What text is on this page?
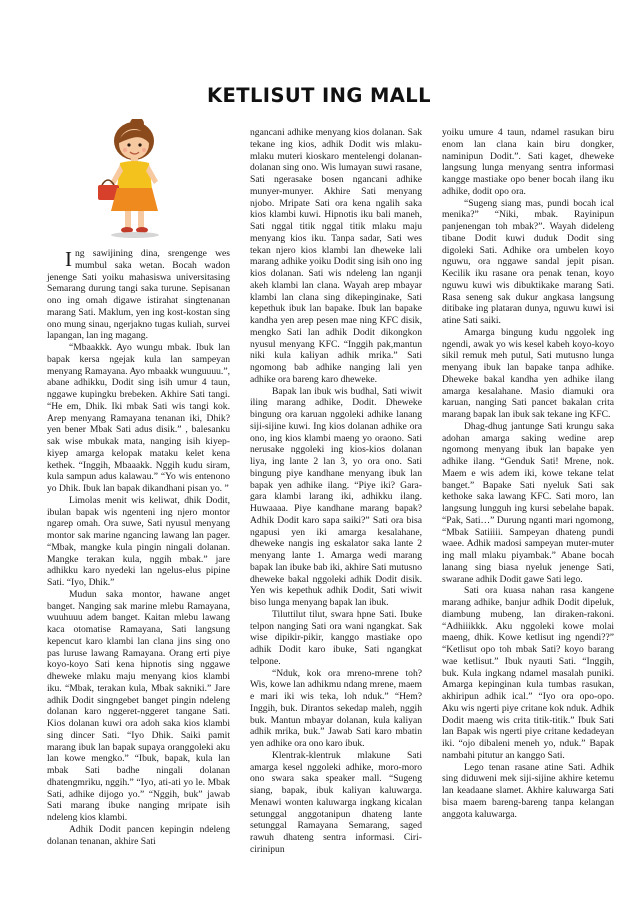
KETLISUT ING MALL

Ing sawijining dina, srengenge wes mumbul saka wetan. Bocah wadon jenenge Sati yoiku mahasiswa universitasing Semarang durung tangi saka turune. Sepisanan ono ing omah digawe istirahat singtenanan marang Sati. Maklum, yen ing kost-kostan sing ono mung sinau, ngerjakno tugas kuliah, survei lapangan, lan ing magang.

“Mbaakkk. Ayo wungu mbak. Ibuk lan bapak kersa ngejak kula lan sampeyan menyang Ramayana. Ayo mbaakk wunguuuu.”, abane adhikku, Dodit sing isih umur 4 taun, nggawe kupingku brebeken. Akhire Sati tangi. “He em, Dhik. Iki mbak Sati wis tangi kok. Arep menyang Ramayana tenanan iki, Dhik? yen bener Mbak Sati adus disik.” , balesanku sak wise mbukak mata, nanging isih kiyep-kiyep amarga kelopak mataku kelet kena kethek. “Inggih, Mbaaakk. Nggih kudu siram, kula sampun adus kalawau.” “Yo wis entenono yo Dhik. Ibuk lan bapak dikandhani pisan yo. ”

Limolas menit wis keliwat, dhik Dodit, ibulan bapak wis ngenteni ing njero montor ngarep omah. Ora suwe, Sati nyusul menyang montor sak marine ngancing lawang lan pager. “Mbak, mangke kula pingin ningali dolanan. Mangke terakan kula, nggih mbak.” jare adhikku karo nyedeki lan ngelus-elus pipine Sati. “Iyo, Dhik.”

Mudun saka montor, hawane anget banget. Nanging sak marine mlebu Ramayana, wuuhuuu adem banget. Kaitan mlebu lawang kaca otomatise Ramayana, Sati langsung kepencut karo klambi lan clana jins sing ono pas luruse lawang Ramayana. Orang erti piye koyo-koyo Sati kena hipnotis sing nggawe dheweke mlaku maju menyang kios klambi iku. “Mbak, terakan kula, Mbak sakniki.” Jare adhik Dodit singngebet banget pingin ndeleng dolanan karo nggeret-nggeret tangane Sati. Kios dolanan kuwi ora adoh saka kios klambi sing dincer Sati. “Iyo Dhik. Saiki pamit marang ibuk lan bapak supaya oranggoleki aku lan kowe mengko.” “Ibuk, bapak, kula lan mbak Sati badhe ningali dolanan dhatengmriku, nggih.” “Iyo, ati-ati yo le. Mbak Sati, adhike dijogo yo.” “Nggih, buk” jawab Sati marang ibuke nanging mripate isih ndeleng kios klambi.

Adhik Dodit pancen kepingin ndeleng dolanan tenanan, akhire Sati

ngancani adhike menyang kios dolanan. Sak tekane ing kios, adhik Dodit wis mlaku-mlaku muteri kioskaro mentelengi dolanan-dolanan sing ono. Wis lumayan suwi rasane, Sati ngerasake bosen ngancani adhike munyer-munyer. Akhire Sati menyang njobo. Mripate Sati ora kena ngalih saka kios klambi kuwi. Hipnotis iku bali maneh, Sati nggal titik nggal titik mlaku maju menyang kios iku. Tanpa sadar, Sati wes tekan njero kios klambi lan dheweke lali marang adhike yoiku Dodit sing isih ono ing kios dolanan. Sati wis ndeleng lan nganji akeh klambi lan clana. Wayah arep mbayar klambi lan clana sing dikepinginake, Sati kepethuk ibuk lan bapake. Ibuk lan bapake kandha yen arep pesen mae ning KFC disik, mengko Sati lan adhik Dodit dikongkon nyusul menyang KFC. “Inggih pak,mantun niki kula kaliyan adhik mrika.” Sati ngomong bab adhike nanging lali yen adhike ora bareng karo dheweke.

Bapak lan ibuk wis budhal, Sati wiwit iling marang adhike, Dodit. Dheweke bingung ora karuan nggoleki adhike lanang siji-sijine kuwi. Ing kios dolanan adhike ora ono, ing kios klambi maeng yo oraono. Sati nerusake nggoleki ing kios-kios dolanan liya, ing lante 2 lan 3, yo ora ono. Sati bingung piye kandhane menyang ibuk lan bapak yen adhike ilang. “Piye iki? Gara-gara klambi larang iki, adhikku ilang. Huwaaaa. Piye kandhane marang bapak?Adhik Dodit karo sapa saiki?” Sati ora bisa ngapusi yen iki amarga kesalahane, dheweke nangis ing eskalator saka lante 2 menyang lante 1. Amarga wedi marang bapak lan ibuke bab iki, akhire Sati mutusno dheweke bakal nggoleki adhik Dodit disik. Yen wis kepethuk adhik Dodit, Sati wiwit biso lunga menyang bapak lan ibuk.

Tiluttilut tilut, swara hpne Sati. Ibuke telpon nanging Sati ora wani ngangkat. Sak wise dipikir-pikir, kanggo mastiake opo adhik Dodit karo ibuke, Sati ngangkat telpone.

“Nduk, kok ora mreno-mrene toh? Wis, kowe lan adhikmu ndang mrene, maem e mari iki wis teka, loh nduk.” “Hem? Inggih, buk. Dirantos sekedap maleh, nggih buk. Mantun mbayar dolanan, kula kaliyan adhik mrika, buk.” Jawab Sati karo mbatin yen adhike ora ono karo ibuk.

Klentrak-klentruk mlakune Sati amarga kesel nggoleki adhike, moro-moro ono swara saka speaker mall. “Sugeng siang, bapak, ibuk kaliyan kaluwarga. Menawi wonten kaluwarga ingkang kicalan setunggal anggotanipun dhateng lante setunggal Ramayana Semarang, saged rawuh dhateng sentra informasi. Ciri-cirinipun

yoiku umure 4 taun, ndamel rasukan biru enom lan clana kain biru dongker, naminipun Dodit.”. Sati kaget, dheweke langsung lunga menyang sentra informasi kangge mastiake opo bener bocah ilang iku adhike, dodit opo ora.

“Sugeng siang mas, pundi bocah ical menika?” “Niki, mbak. Rayinipun panjenengan toh mbak?”. Wayah dideleng tibane Dodit kuwi duduk Dodit sing digoleki Sati. Adhike ora umbelen koyo nguwu, ora nggawe sandal jepit pisan. Kecilik iku rasane ora penak tenan, koyo nguwu kuwi wis dibuktikake marang Sati. Rasa seneng sak dukur angkasa langsung ditibake ing plataran dunya, nguwu kuwi isi atine Sati saiki.

Amarga bingung kudu nggolek ing ngendi, awak yo wis kesel kabeh koyo-koyo sikil remuk meh putul, Sati mutusno lunga menyang ibuk lan bapake tanpa adhike. Dheweke bakal kandha yen adhike ilang amarga kesalahane. Masio diamuki ora karuan, nanging Sati pancet bakalan crita marang bapak lan ibuk sak tekane ing KFC.

Dhag-dhug jantunge Sati krungu saka adohan amarga saking wedine arep ngomong menyang ibuk lan bapake yen adhike ilang. “Genduk Sati! Mrene, nok. Maem e wis adem iki, kowe tekane telat banget.” Bapake Sati nyeluk Sati sak kethoke saka lawang KFC. Sati moro, lan langsung lungguh ing kursi sebelahe bapak. “Pak, Sati…” Durung nganti mari ngomong, “Mbak Satiiiii. Sampeyan dhateng pundi waee. Adhik madosi sampeyan muter-muter ing mall mlaku piyambak.” Abane bocah lanang sing biasa nyeluk jenenge Sati, swarane adhik Dodit gawe Sati lego.

Sati ora kuasa nahan rasa kangene marang adhike, banjur adhik Dodit dipeluk, diambung mubeng, lan diraken-rakoni. “Adhiiikkk. Aku nggoleki kowe molai maeng, dhik. Kowe ketlisut ing ngendi??” “Ketlisut opo toh mbak Sati? koyo barang wae ketlisut.” Ibuk nyauti Sati. “Inggih, buk. Kula ingkang ndamel masalah puniki. Amarga kepinginan kula tumbas rasukan, akhiripun adhik ical.” “Iyo ora opo-opo. Aku wis ngerti piye critane kok nduk. Adhik Dodit maeng wis crita titik-titik.” Ibuk Sati lan Bapak wis ngerti piye critane kedadeyan iki. “ojo dibaleni meneh yo, nduk.” Bapak nambahi pitutur an kanggo Sati.

Lego tenan rasane atine Sati. Adhik sing diduweni mek siji-sijine akhire ketemu lan keadaane slamet. Akhire kaluwarga Sati bisa maem bareng-bareng tanpa kelangan anggota kaluwarga.
